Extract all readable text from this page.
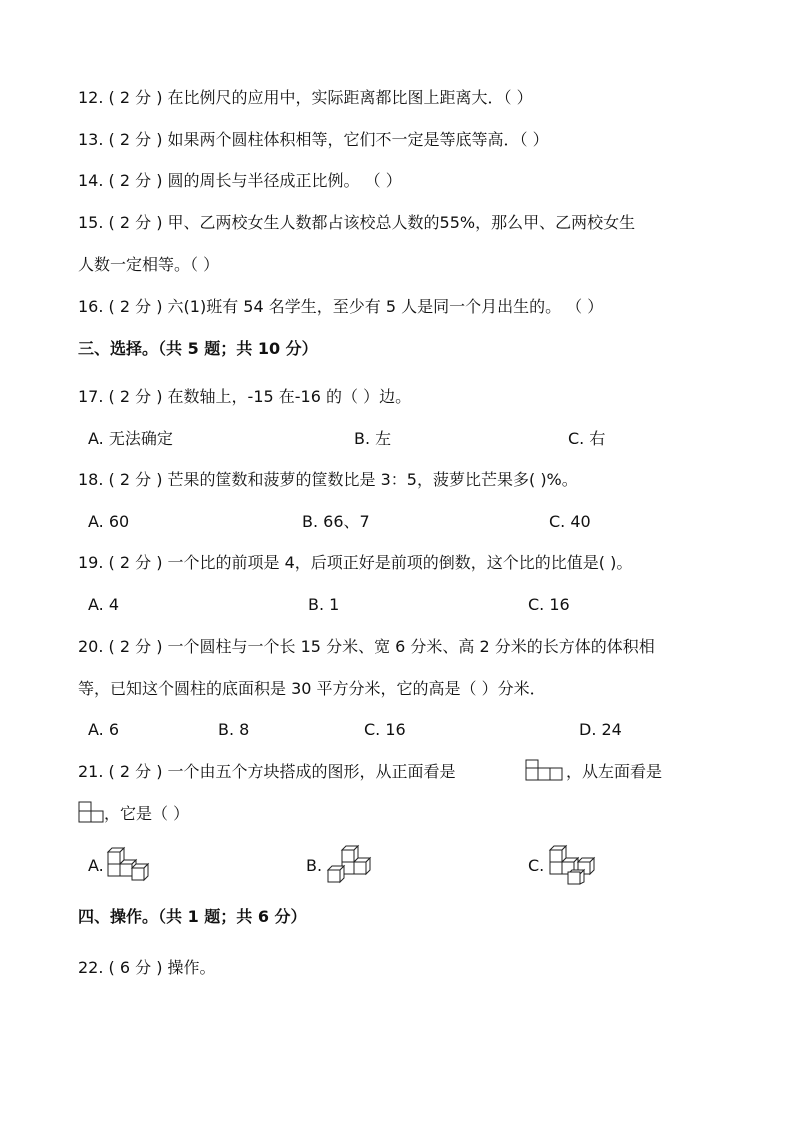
12. ( 2 分 ) 在比例尺的应用中，实际距离都比图上距离大．（ ）
13. ( 2 分 ) 如果两个圆柱体积相等，它们不一定是等底等高．（ ）
14. ( 2 分 ) 圆的周长与半径成正比例。 （ ）
15. ( 2 分 ) 甲、乙两校女生人数都占该校总人数的55%，那么甲、乙两校女生
人数一定相等。（ ）
16. ( 2 分 ) 六(1)班有 54 名学生，至少有 5 人是同一个月出生的。 （ ）
三、选择。（共 5 题；共 10 分）
17. ( 2 分 ) 在数轴上，-15 在-16 的（ ）边。
A. 无法确定	B. 左	C. 右
18. ( 2 分 ) 芒果的筐数和菠萝的筐数比是 3：5，菠萝比芒果多( )%。
A. 60	B. 66、7	C. 40
19. ( 2 分 ) 一个比的前项是 4，后项正好是前项的倒数，这个比的比值是( )。
A. 4	B. 1	C. 16
20. ( 2 分 ) 一个圆柱与一个长 15 分米、宽 6 分米、高 2 分米的长方体的体积相
等，已知这个圆柱的底面积是 30 平方分米，它的高是（ ）分米．
A. 6	B. 8	C. 16	D. 24
21. ( 2 分 ) 一个由五个方块搭成的图形，从正面看是	，从左面看是
，它是（ ）
A.	B.	C.
四、操作。（共 1 题；共 6 分）
22. ( 6 分 ) 操作。
